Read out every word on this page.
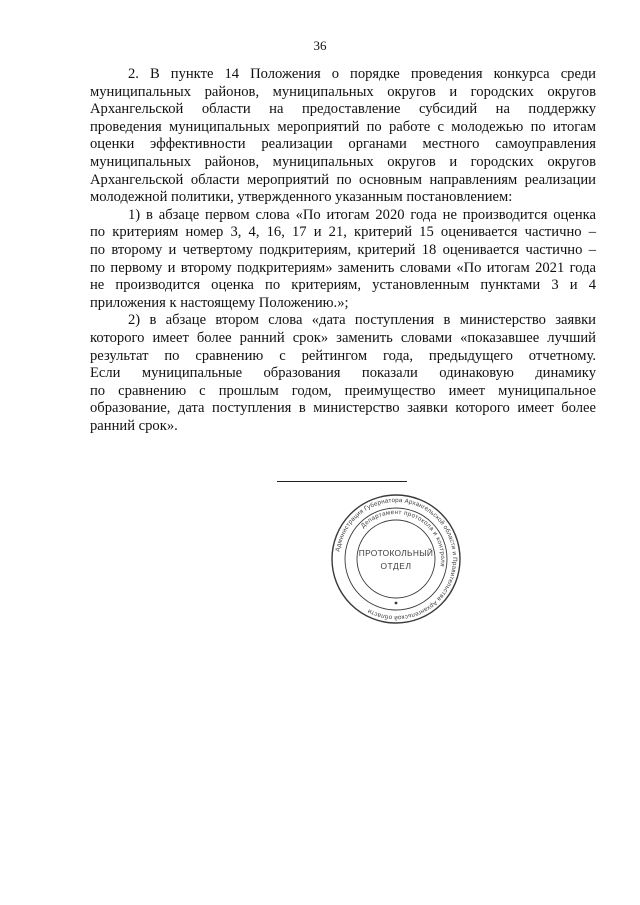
36
2. В пункте 14 Положения о порядке проведения конкурса среди
муниципальных районов, муниципальных округов и городских округов
Архангельской области на предоставление субсидий на поддержку
проведения муниципальных мероприятий по работе с молодежью по итогам
оценки эффективности реализации органами местного самоуправления
муниципальных районов, муниципальных округов и городских округов
Архангельской области мероприятий по основным направлениям реализации
молодежной политики, утвержденного указанным постановлением:
1) в абзаце первом слова «По итогам 2020 года не производится оценка
по критериям номер 3, 4, 16, 17 и 21, критерий 15 оценивается частично –
по второму и четвертому подкритериям, критерий 18 оценивается частично –
по первому и второму подкритериям» заменить словами «По итогам 2021 года
не производится оценка по критериям, установленным пунктами 3 и 4
приложения к настоящему Положению.»;
2) в абзаце втором слова «дата поступления в министерство заявки
которого имеет более ранний срок» заменить словами «показавшее лучший
результат по сравнению с рейтингом года, предыдущего отчетному.
Если муниципальные образования показали одинаковую динамику
по сравнению с прошлым годом, преимущество имеет муниципальное
образование, дата поступления в министерство заявки которого имеет более
ранний срок».
Администрация Губернатора Архангельской области и Правительства Архангельской области
Департамент протокола и контроля
ПРОТОКОЛЬНЫЙ
ОТДЕЛ
